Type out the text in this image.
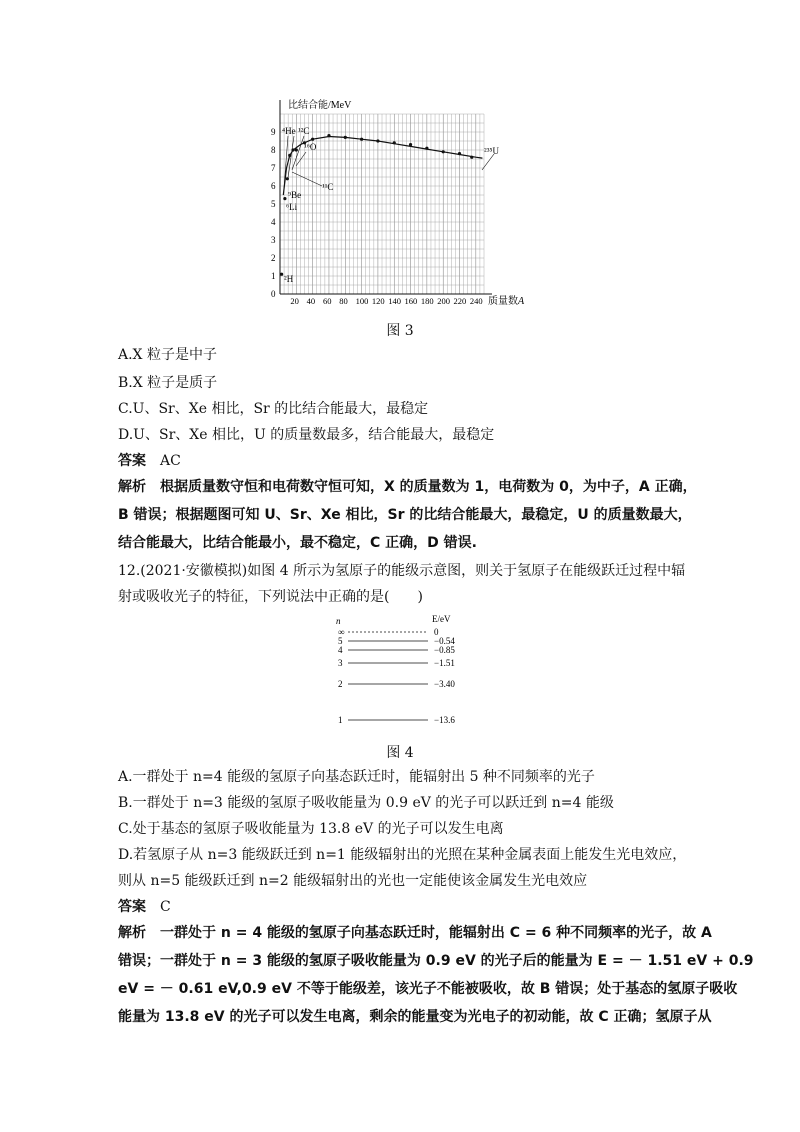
0
1
2
3
4
5
6
7
8
9
20 40 60 80 100 120 140 160 180 200 220 240
比结合能/MeV
质量数A
⁴He ¹²C
¹⁶O	²³⁵U
¹¹C
⁹Be
⁶Li
²H
图 3
A.X 粒子是中子
B.X 粒子是质子
C.U、Sr、Xe 相比，Sr 的比结合能最大，最稳定
D.U、Sr、Xe 相比，U 的质量数最多，结合能最大，最稳定
答案 AC
解析 根据质量数守恒和电荷数守恒可知，X 的质量数为 1，电荷数为 0，为中子，A 正确，
B 错误；根据题图可知 U、Sr、Xe 相比，Sr 的比结合能最大，最稳定，U 的质量数最大，
结合能最大，比结合能最小，最不稳定，C 正确，D 错误.
12.(2021·安徽模拟)如图 4 所示为氢原子的能级示意图，则关于氢原子在能级跃迁过程中辐
射或吸收光子的特征，下列说法中正确的是(　　)
n	E/eV
∞	0
5	−0.54
4	−0.85
3	−1.51
2	−3.40
1	−13.6
图 4
A.一群处于 n=4 能级的氢原子向基态跃迁时，能辐射出 5 种不同频率的光子
B.一群处于 n=3 能级的氢原子吸收能量为 0.9 eV 的光子可以跃迁到 n=4 能级
C.处于基态的氢原子吸收能量为 13.8 eV 的光子可以发生电离
D.若氢原子从 n=3 能级跃迁到 n=1 能级辐射出的光照在某种金属表面上能发生光电效应，
则从 n=5 能级跃迁到 n=2 能级辐射出的光也一定能使该金属发生光电效应
答案 C
解析 一群处于 n = 4 能级的氢原子向基态跃迁时，能辐射出 C = 6 种不同频率的光子，故 A
错误；一群处于 n = 3 能级的氢原子吸收能量为 0.9 eV 的光子后的能量为 E = － 1.51 eV + 0.9
eV = － 0.61 eV,0.9 eV 不等于能级差，该光子不能被吸收，故 B 错误；处于基态的氢原子吸收
能量为 13.8 eV 的光子可以发生电离，剩余的能量变为光电子的初动能，故 C 正确；氢原子从
